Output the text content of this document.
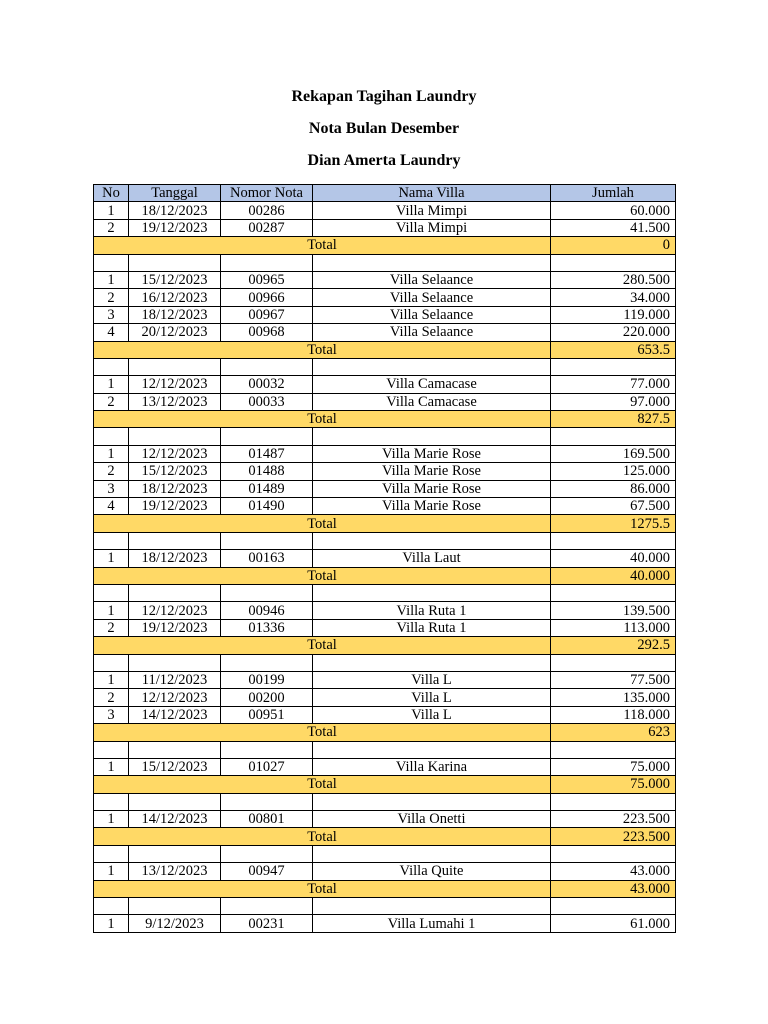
Rekapan Tagihan Laundry
Nota Bulan Desember
Dian Amerta Laundry
No	Tanggal	Nomor Nota	Nama Villa	Jumlah
1	18/12/2023	00286	Villa Mimpi	60.000
2	19/12/2023	00287	Villa Mimpi	41.500
Total				0

1	15/12/2023	00965	Villa Selaance	280.500
2	16/12/2023	00966	Villa Selaance	34.000
3	18/12/2023	00967	Villa Selaance	119.000
4	20/12/2023	00968	Villa Selaance	220.000
Total				653.5

1	12/12/2023	00032	Villa Camacase	77.000
2	13/12/2023	00033	Villa Camacase	97.000
Total				827.5

1	12/12/2023	01487	Villa Marie Rose	169.500
2	15/12/2023	01488	Villa Marie Rose	125.000
3	18/12/2023	01489	Villa Marie Rose	86.000
4	19/12/2023	01490	Villa Marie Rose	67.500
Total				1275.5

1	18/12/2023	00163	Villa Laut	40.000
Total				40.000

1	12/12/2023	00946	Villa Ruta 1	139.500
2	19/12/2023	01336	Villa Ruta 1	113.000
Total				292.5

1	11/12/2023	00199	Villa L	77.500
2	12/12/2023	00200	Villa L	135.000
3	14/12/2023	00951	Villa L	118.000
Total				623

1	15/12/2023	01027	Villa Karina	75.000
Total				75.000

1	14/12/2023	00801	Villa Onetti	223.500
Total				223.500

1	13/12/2023	00947	Villa Quite	43.000
Total				43.000

1	9/12/2023	00231	Villa Lumahi 1	61.000
